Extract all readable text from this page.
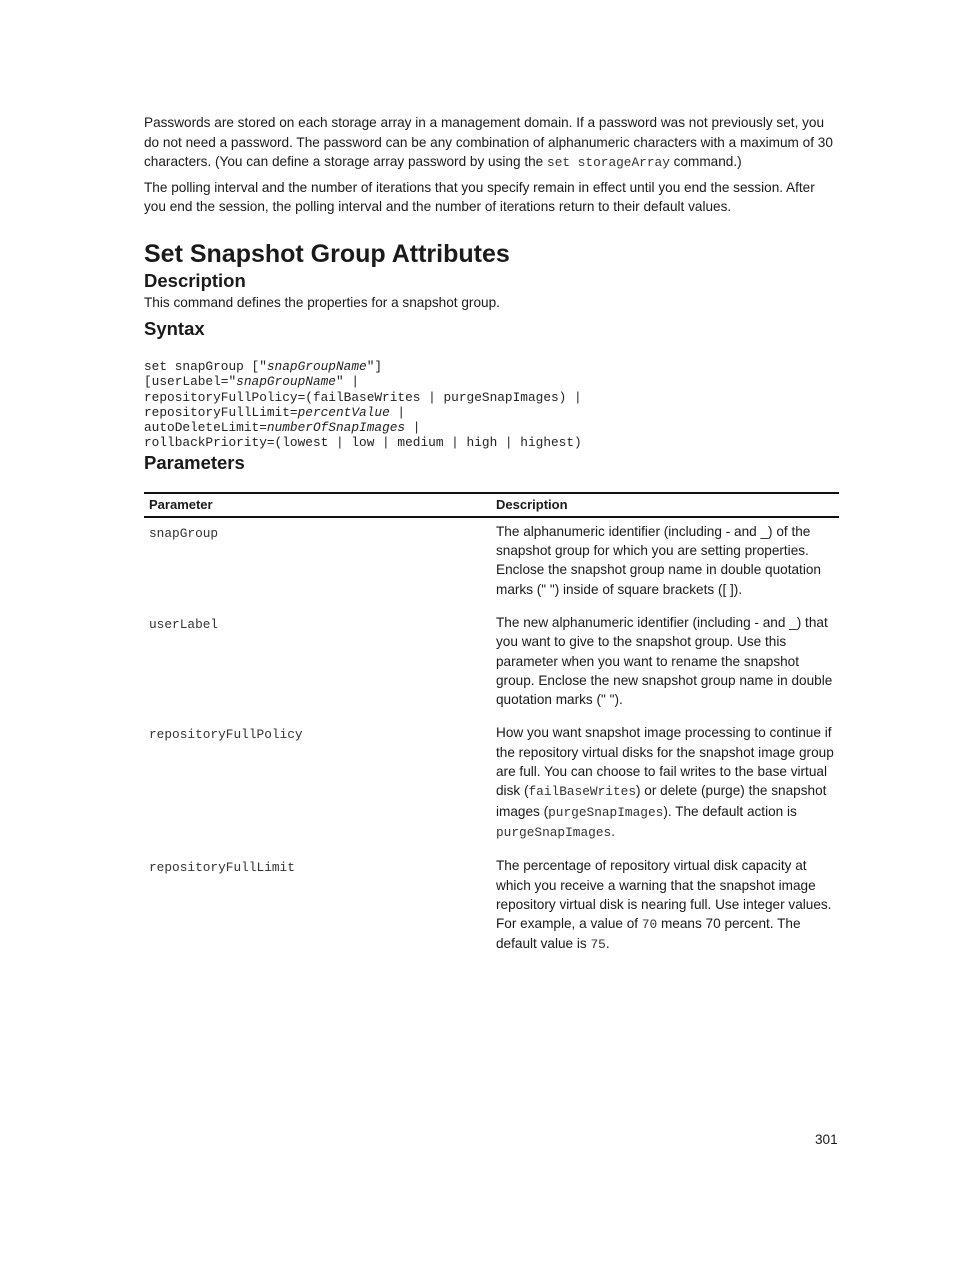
Passwords are stored on each storage array in a management domain. If a password was not previously set, you do not need a password. The password can be any combination of alphanumeric characters with a maximum of 30 characters. (You can define a storage array password by using the set storageArray command.)

The polling interval and the number of iterations that you specify remain in effect until you end the session. After you end the session, the polling interval and the number of iterations return to their default values.

Set Snapshot Group Attributes
Description

This command defines the properties for a snapshot group.

Syntax
set snapGroup ["snapGroupName"]
[userLabel="snapGroupName" |
repositoryFullPolicy=(failBaseWrites | purgeSnapImages) |
repositoryFullLimit=percentValue |
autoDeleteLimit=numberOfSnapImages |
rollbackPriority=(lowest | low | medium | high | highest)
Parameters
Parameter	Description
snapGroup	The alphanumeric identifier (including - and _) of the snapshot group for which you are setting properties. Enclose the snapshot group name in double quotation marks (" ") inside of square brackets ([ ]).
userLabel	The new alphanumeric identifier (including - and _) that you want to give to the snapshot group. Use this parameter when you want to rename the snapshot group. Enclose the new snapshot group name in double quotation marks (" ").
repositoryFullPolicy	How you want snapshot image processing to continue if the repository virtual disks for the snapshot image group are full. You can choose to fail writes to the base virtual disk (failBaseWrites) or delete (purge) the snapshot images (purgeSnapImages). The default action is purgeSnapImages.
repositoryFullLimit	The percentage of repository virtual disk capacity at which you receive a warning that the snapshot image repository virtual disk is nearing full. Use integer values. For example, a value of 70 means 70 percent. The default value is 75.
301
